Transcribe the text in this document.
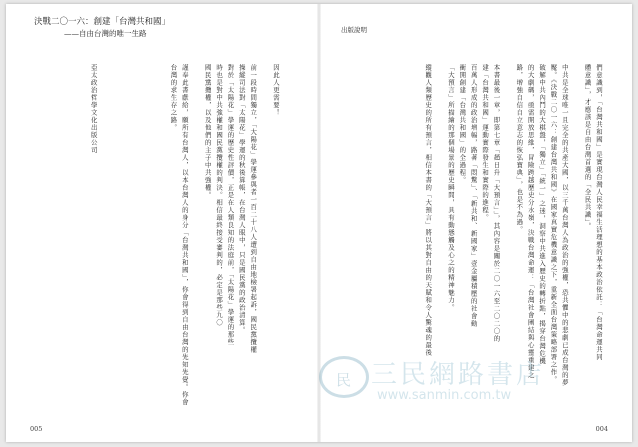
決戰二〇一六：創建「台灣共和國」
——自由台灣的唯一生路
因此人更需要！前一段時間獨立，「大陽花」學運參與者一百二十八人遭到自由地檢署起訴，國民黨攬權操縱司法對「太陽花」學運的秋後算帳，在台灣人眼中，只是國民黨的政治清算。對於「太陽花」學運的歷史性評價，正是在人類良知的法庭前，「太陽花」學運的那些時也是對中共強權和國民黨攬權的判決。相信最終接受審判的，必定是那些九〇國民黨攬權，以及他們的主子中共強權。謹奉此書獻給，願所有台灣人，以本台灣人的身分「台灣共和國」，你會得到自由台灣的先知先覺。你會台灣的求生存之路。亞太政治哲學文化出版公司
005
出版說明
們意識到，「台灣共和國」是實現台灣人民幸福生活理想的基本政治依託：「台灣命運共同體意識」，才應該是自由台灣首選的「全民共識」。中共是全球唯一且完全的共產大國，以三千萬台灣人為政治的強權，恐共懼中的悲劇已成台灣的夢魘。《決戰二〇一六：創建台灣共和國》在國家真實危機意識之下，重新全面台灣策略部署之作。破解中共內鬥的大棋盤，「獨立」「統一」之迷，洞察中共進入歷史的轉折點，揭穿台灣危機的大劇碼，亟需開放思維，冒險跨越歷史分水嶺，決戰台灣命運：「台灣社會團結與心靈重建之路，增強自信自立意志的恢弘寶典」，也是不為過。本書最後一章，即第七章「趙日升「大預言」」，其內容是關於二〇一六至二〇二〇的建「台灣共和國」運動實際發生和實際的進程。百萬人形成的政治增幅，路著「悶驚」、「新共和、新國家」壹金屬積壓的社會動衝開創建「台灣共和國」的全過程。「大預言」所描繪的那個場景的歷史瞬間，具有動態觸及心之的精神魅力。縱觀人類歷史的所有預言，相信本書的「大預言」將以其對自由的天賦和令人驚魂的最後
004
民 三民網路書店
www.sanmin.com.tw
